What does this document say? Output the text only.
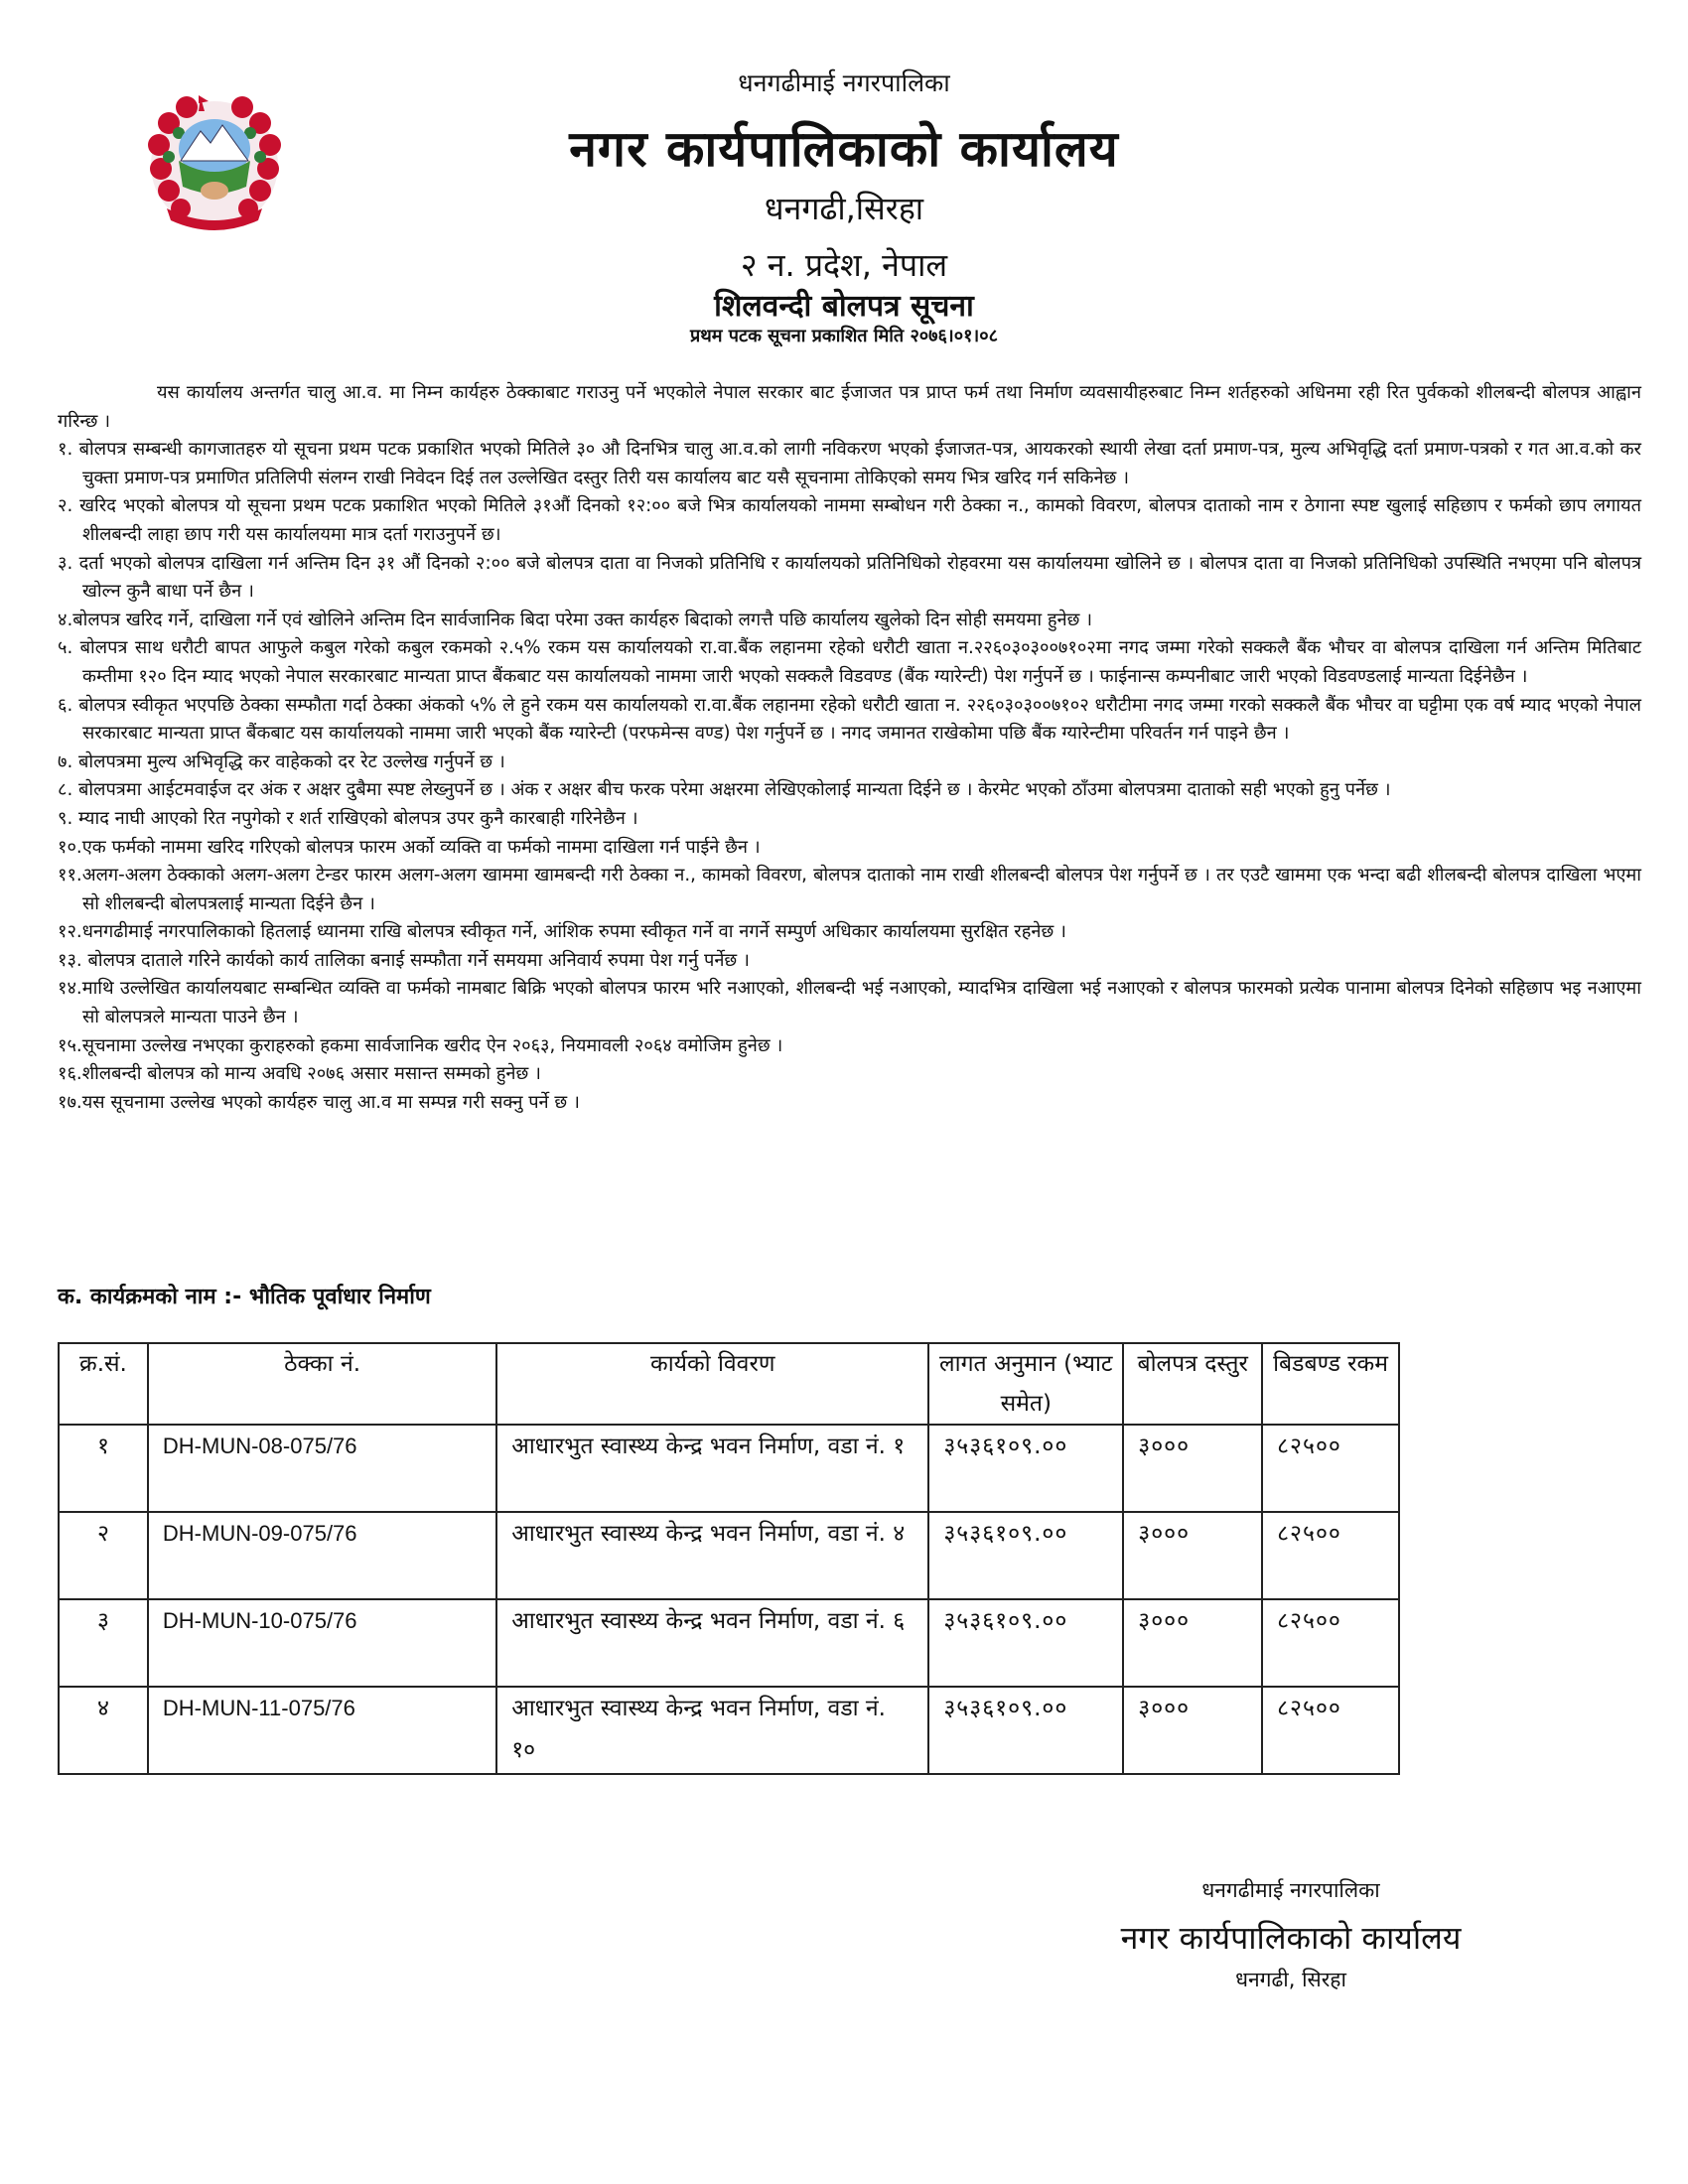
धनगढीमाई नगरपालिका
नगर कार्यपालिकाको कार्यालय
धनगढी,सिरहा
२ न. प्रदेश, नेपाल
शिलवन्दी बोलपत्र सूचना
प्रथम पटक सूचना प्रकाशित मिति २०७६।०१।०८
यस कार्यालय अन्तर्गत चालु आ.व. मा निम्न कार्यहरु ठेक्काबाट गराउनु पर्ने भएकोले नेपाल सरकार बाट ईजाजत पत्र प्राप्त फर्म तथा निर्माण व्यवसायीहरुबाट निम्न शर्तहरुको अधिनमा रही रित पुर्वकको शीलबन्दी बोलपत्र आह्वान गरिन्छ ।
१. बोलपत्र सम्बन्धी कागजातहरु यो सूचना प्रथम पटक प्रकाशित भएको मितिले ३० औ दिनभित्र चालु आ.व.को लागी नविकरण भएको ईजाजत-पत्र, आयकरको स्थायी लेखा दर्ता प्रमाण-पत्र, मुल्य अभिवृद्धि दर्ता प्रमाण-पत्रको र गत आ.व.को कर चुक्ता प्रमाण-पत्र प्रमाणित प्रतिलिपी संलग्न राखी निवेदन दिई तल उल्लेखित दस्तुर तिरी यस कार्यालय बाट यसै सूचनामा तोकिएको समय भित्र खरिद गर्न सकिनेछ ।
२. खरिद भएको बोलपत्र यो सूचना प्रथम पटक प्रकाशित भएको मितिले ३१औं दिनको १२:०० बजे भित्र कार्यालयको नाममा सम्बोधन गरी ठेक्का न., कामको विवरण, बोलपत्र दाताको नाम र ठेगाना स्पष्ट खुलाई सहिछाप र फर्मको छाप लगायत शीलबन्दी लाहा छाप गरी यस कार्यालयमा मात्र दर्ता गराउनुपर्ने छ।
३. दर्ता भएको बोलपत्र दाखिला गर्न अन्तिम दिन ३१ औं दिनको २:०० बजे बोलपत्र दाता वा निजको प्रतिनिधि र कार्यालयको प्रतिनिधिको रोहवरमा यस कार्यालयमा खोलिने छ । बोलपत्र दाता वा निजको प्रतिनिधिको उपस्थिति नभएमा पनि बोलपत्र खोल्न कुनै बाधा पर्ने छैन ।
४.बोलपत्र खरिद गर्ने, दाखिला गर्ने एवं खोलिने अन्तिम दिन सार्वजानिक बिदा परेमा उक्त कार्यहरु बिदाको लगत्तै पछि कार्यालय खुलेको दिन सोही समयमा हुनेछ ।
५. बोलपत्र साथ धरौटी बापत आफुले कबुल गरेको कबुल रकमको २.५% रकम यस कार्यालयको रा.वा.बैंक लहानमा रहेको धरौटी खाता न.२२६०३०३००७१०२मा नगद जम्मा गरेको सक्कलै बैंक भौचर वा बोलपत्र दाखिला गर्न अन्तिम मितिबाट कम्तीमा १२० दिन म्याद भएको नेपाल सरकारबाट मान्यता प्राप्त बैंकबाट यस कार्यालयको नाममा जारी भएको सक्कलै विडवण्ड (बैंक ग्यारेन्टी) पेश गर्नुपर्ने छ । फाईनान्स कम्पनीबाट जारी भएको विडवण्डलाई मान्यता दिईनेछैन ।
६. बोलपत्र स्वीकृत भएपछि ठेक्का सम्फौता गर्दा ठेक्का अंकको ५% ले हुने रकम यस कार्यालयको रा.वा.बैंक लहानमा रहेको धरौटी खाता न. २२६०३०३००७१०२ धरौटीमा नगद जम्मा गरको सक्कलै बैंक भौचर वा घट्टीमा एक वर्ष म्याद भएको नेपाल सरकारबाट मान्यता प्राप्त बैंकबाट यस कार्यालयको नाममा जारी भएको बैंक ग्यारेन्टी (परफमेन्स वण्ड) पेश गर्नुपर्ने छ । नगद जमानत राखेकोमा पछि बैंक ग्यारेन्टीमा परिवर्तन गर्न पाइने छैन ।
७. बोलपत्रमा मुल्य अभिवृद्धि कर वाहेकको दर रेट उल्लेख गर्नुपर्ने छ ।
८. बोलपत्रमा आईटमवाईज दर अंक र अक्षर दुबैमा स्पष्ट लेख्नुपर्ने छ । अंक र अक्षर बीच फरक परेमा अक्षरमा लेखिएकोलाई मान्यता दिईने छ । केरमेट भएको ठाँउमा बोलपत्रमा दाताको सही भएको हुनु पर्नेछ ।
९. म्याद नाघी आएको रित नपुगेको र शर्त राखिएको बोलपत्र उपर कुनै कारबाही गरिनेछैन ।
१०.एक फर्मको नाममा खरिद गरिएको बोलपत्र फारम अर्को व्यक्ति वा फर्मको नाममा दाखिला गर्न पाईने छैन ।
११.अलग-अलग ठेक्काको अलग-अलग टेन्डर फारम अलग-अलग खाममा खामबन्दी गरी ठेक्का न., कामको विवरण, बोलपत्र दाताको नाम राखी शीलबन्दी बोलपत्र पेश गर्नुपर्ने छ । तर एउटै खाममा एक भन्दा बढी शीलबन्दी बोलपत्र दाखिला भएमा सो शीलबन्दी बोलपत्रलाई मान्यता दिईने छैन ।
१२.धनगढीमाई नगरपालिकाको हितलाई ध्यानमा राखि बोलपत्र स्वीकृत गर्ने, आंशिक रुपमा स्वीकृत गर्ने वा नगर्ने सम्पुर्ण अधिकार कार्यालयमा सुरक्षित रहनेछ ।
१३. बोलपत्र दाताले गरिने कार्यको कार्य तालिका बनाई सम्फौता गर्ने समयमा अनिवार्य रुपमा पेश गर्नु पर्नेछ ।
१४.माथि उल्लेखित कार्यालयबाट सम्बन्धित व्यक्ति वा फर्मको नामबाट बिक्रि भएको बोलपत्र फारम भरि नआएको, शीलबन्दी भई नआएको, म्यादभित्र दाखिला भई नआएको र बोलपत्र फारमको प्रत्येक पानामा बोलपत्र दिनेको सहिछाप भइ नआएमा सो बोलपत्रले मान्यता पाउने छैन ।
१५.सूचनामा उल्लेख नभएका कुराहरुको हकमा सार्वजानिक खरीद ऐन २०६३, नियमावली २०६४ वमोजिम हुनेछ ।
१६.शीलबन्दी बोलपत्र को मान्य अवधि २०७६ असार मसान्त सम्मको हुनेछ ।
१७.यस सूचनामा उल्लेख भएको कार्यहरु चालु आ.व मा सम्पन्न गरी सक्नु पर्ने छ ।
क. कार्यक्रमको नाम :- भौतिक पूर्वाधार निर्माण
क्र.सं.	ठेक्का नं.	कार्यको विवरण	लागत अनुमान (भ्याट समेत)	बोलपत्र दस्तुर	बिडबण्ड रकम
१	DH-MUN-08-075/76	आधारभुत स्वास्थ्य केन्द्र भवन निर्माण, वडा नं. १	३५३६१०९.००	३०००	८२५००
२	DH-MUN-09-075/76	आधारभुत स्वास्थ्य केन्द्र भवन निर्माण, वडा नं. ४	३५३६१०९.००	३०००	८२५००
३	DH-MUN-10-075/76	आधारभुत स्वास्थ्य केन्द्र भवन निर्माण, वडा नं. ६	३५३६१०९.००	३०००	८२५००
४	DH-MUN-11-075/76	आधारभुत स्वास्थ्य केन्द्र भवन निर्माण, वडा नं. १०	३५३६१०९.००	३०००	८२५००
धनगढीमाई नगरपालिका
नगर कार्यपालिकाको कार्यालय
धनगढी, सिरहा
